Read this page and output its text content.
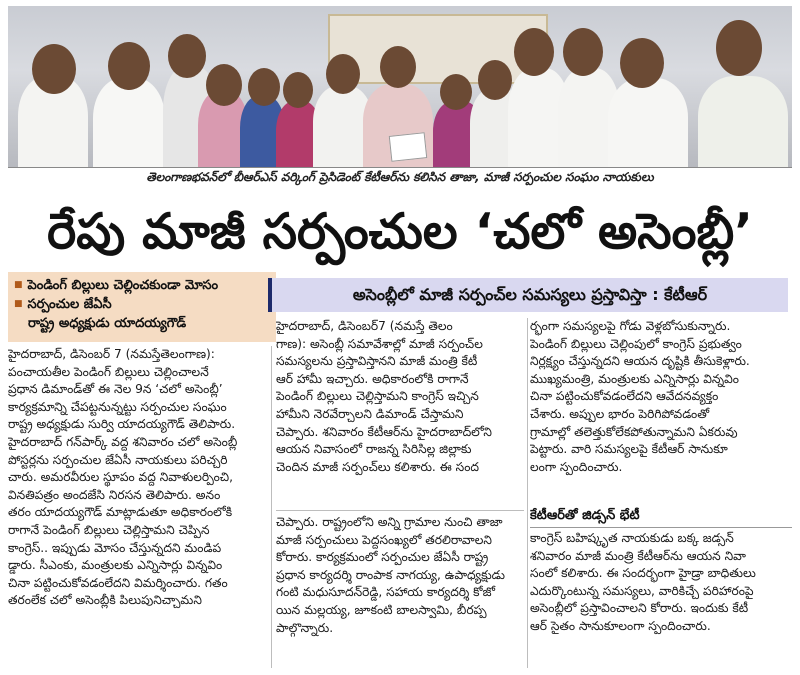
తెలంగాణభవన్‌లో బీఆర్ఎస్ వర్కింగ్ ప్రెసిడెంట్ కేటీఆర్‌ను కలిసిన తాజా, మాజీ సర్పంచుల సంఘం నాయకులు
రేపు మాజీ సర్పంచుల ‘చలో అసెంబ్లీ’
■ పెండింగ్ బిల్లులు చెల్లించకుండా మోసం
■ సర్పంచుల జేఏసీ
రాష్ట్ర అధ్యక్షుడు యాదయ్యగౌడ్
అసెంబ్లీలో మాజీ సర్పంచ్‌ల సమస్యలు ప్రస్తావిస్తా : కేటీఆర్

హైదరాబాద్, డిసెంబర్ 7 (నమస్తేతెలంగాణ):

పంచాయతీల పెండింగ్ బిల్లులు చెల్లించాలనే

ప్రధాన డిమాండ్‌తో ఈ నెల 9న ‘చలో అసెంబ్లీ’

కార్యక్రమాన్ని చేపట్టనున్నట్టు సర్పంచుల సంఘం

రాష్ట్ర అధ్యక్షుడు సుర్వి యాదయ్యగౌడ్ తెలిపారు.

హైదరాబాద్ గన్‌పార్క్ వద్ద శనివారం చలో అసెంబ్లీ

పోస్టర్లను సర్పంచుల జేఏసీ నాయకులు పరిచ్చరి

చారు. అమరవీరుల స్థూపం వద్ద నివాళులర్పించి,

వినతిపత్రం అందజేసి నిరసన తెలిపారు. అనం

తరం యాదయ్యగౌడ్ మాట్లాడుతూ అధికారంలోకి

రాగానే పెండింగ్ బిల్లులు చెల్లిస్తామని చెప్పిన

కాంగ్రెస్.. ఇప్పుడు మోసం చేస్తున్నదని మండిప

డ్డారు. సీఎంకు, మంత్రులకు ఎన్నిసార్లు విన్నవిం

చినా పట్టించుకోవడంలేదని విమర్శించారు. గతం

తరంలేక చలో అసెంబ్లీకి పిలుపునిచ్చామని

హైదరాబాద్, డిసెంబర్7 (నమస్తే తెలం

గాణ): అసెంబ్లీ సమావేశాల్లో మాజీ సర్పంచ్‌ల

సమస్యలను ప్రస్తావిస్తానని మాజీ మంత్రి కేటీ

ఆర్ హామీ ఇచ్చారు. అధికారంలోకి రాగానే

పెండింగ్ బిల్లులు చెల్లిస్తామని కాంగ్రెస్ ఇచ్చిన

హామీని నెరవేర్చాలని డిమాండ్ చేస్తామని

చెప్పారు. శనివారం కేటీఆర్‌ను హైదరాబాద్‌లోని

ఆయన నివాసంలో రాజన్న సిరిసిల్ల జిల్లాకు

చెందిన మాజీ సర్పంచ్‌లు కలిశారు. ఈ సంద

ర్భంగా సమస్యలపై గోడు వెళ్లబోసుకున్నారు.

పెండింగ్ బిల్లులు చెల్లింపులో కాంగ్రెస్ ప్రభుత్వం

నిర్లక్ష్యం చేస్తున్నదని ఆయన దృష్టికి తీసుకెళ్లారు.

ముఖ్యమంత్రి, మంత్రులకు ఎన్నిసార్లు విన్నవిం

చినా పట్టించుకోవడంలేదని ఆవేదనవ్యక్తం

చేశారు. అప్పుల భారం పెరిగిపోవడంతో

గ్రామాల్లో తలెత్తుకోలేకపోతున్నామని ఏకరువు

పెట్టారు. వారి సమస్యలపై కేటీఆర్ సానుకూ

లంగా స్పందించారు.

చెప్పారు. రాష్ట్రంలోని అన్ని గ్రామాల నుంచి తాజా

మాజీ సర్పంచులు పెద్దసంఖ్యలో తరలిరావాలని

కోరారు. కార్యక్రమంలో సర్పంచుల జేఏసీ రాష్ట్ర

ప్రధాన కార్యదర్శి రాంపాక నాగయ్య, ఉపాధ్యక్షుడు

గంటి మధుసూదన్‌రెడ్డి, సహాయ కార్యదర్శి కోజో

యిన మల్లయ్య, జూకంటి బాలస్వామి, బీరప్ప

పాల్గొన్నారు.

కేటీఆర్‌తో జిడ్సన్ భేటీ

కాంగ్రెస్ బహిష్కృత నాయకుడు బక్క జడ్సన్

శనివారం మాజీ మంత్రి కేటీఆర్‌ను ఆయన నివా

సంలో కలిశారు. ఈ సందర్భంగా హైడ్రా బాధితులు

ఎదుర్కొంటున్న సమస్యలు, వారికిచ్చే పరిహారంపై

అసెంబ్లీలో ప్రస్తావించాలని కోరారు. ఇందుకు కేటీ

ఆర్ సైతం సానుకూలంగా స్పందించారు.
